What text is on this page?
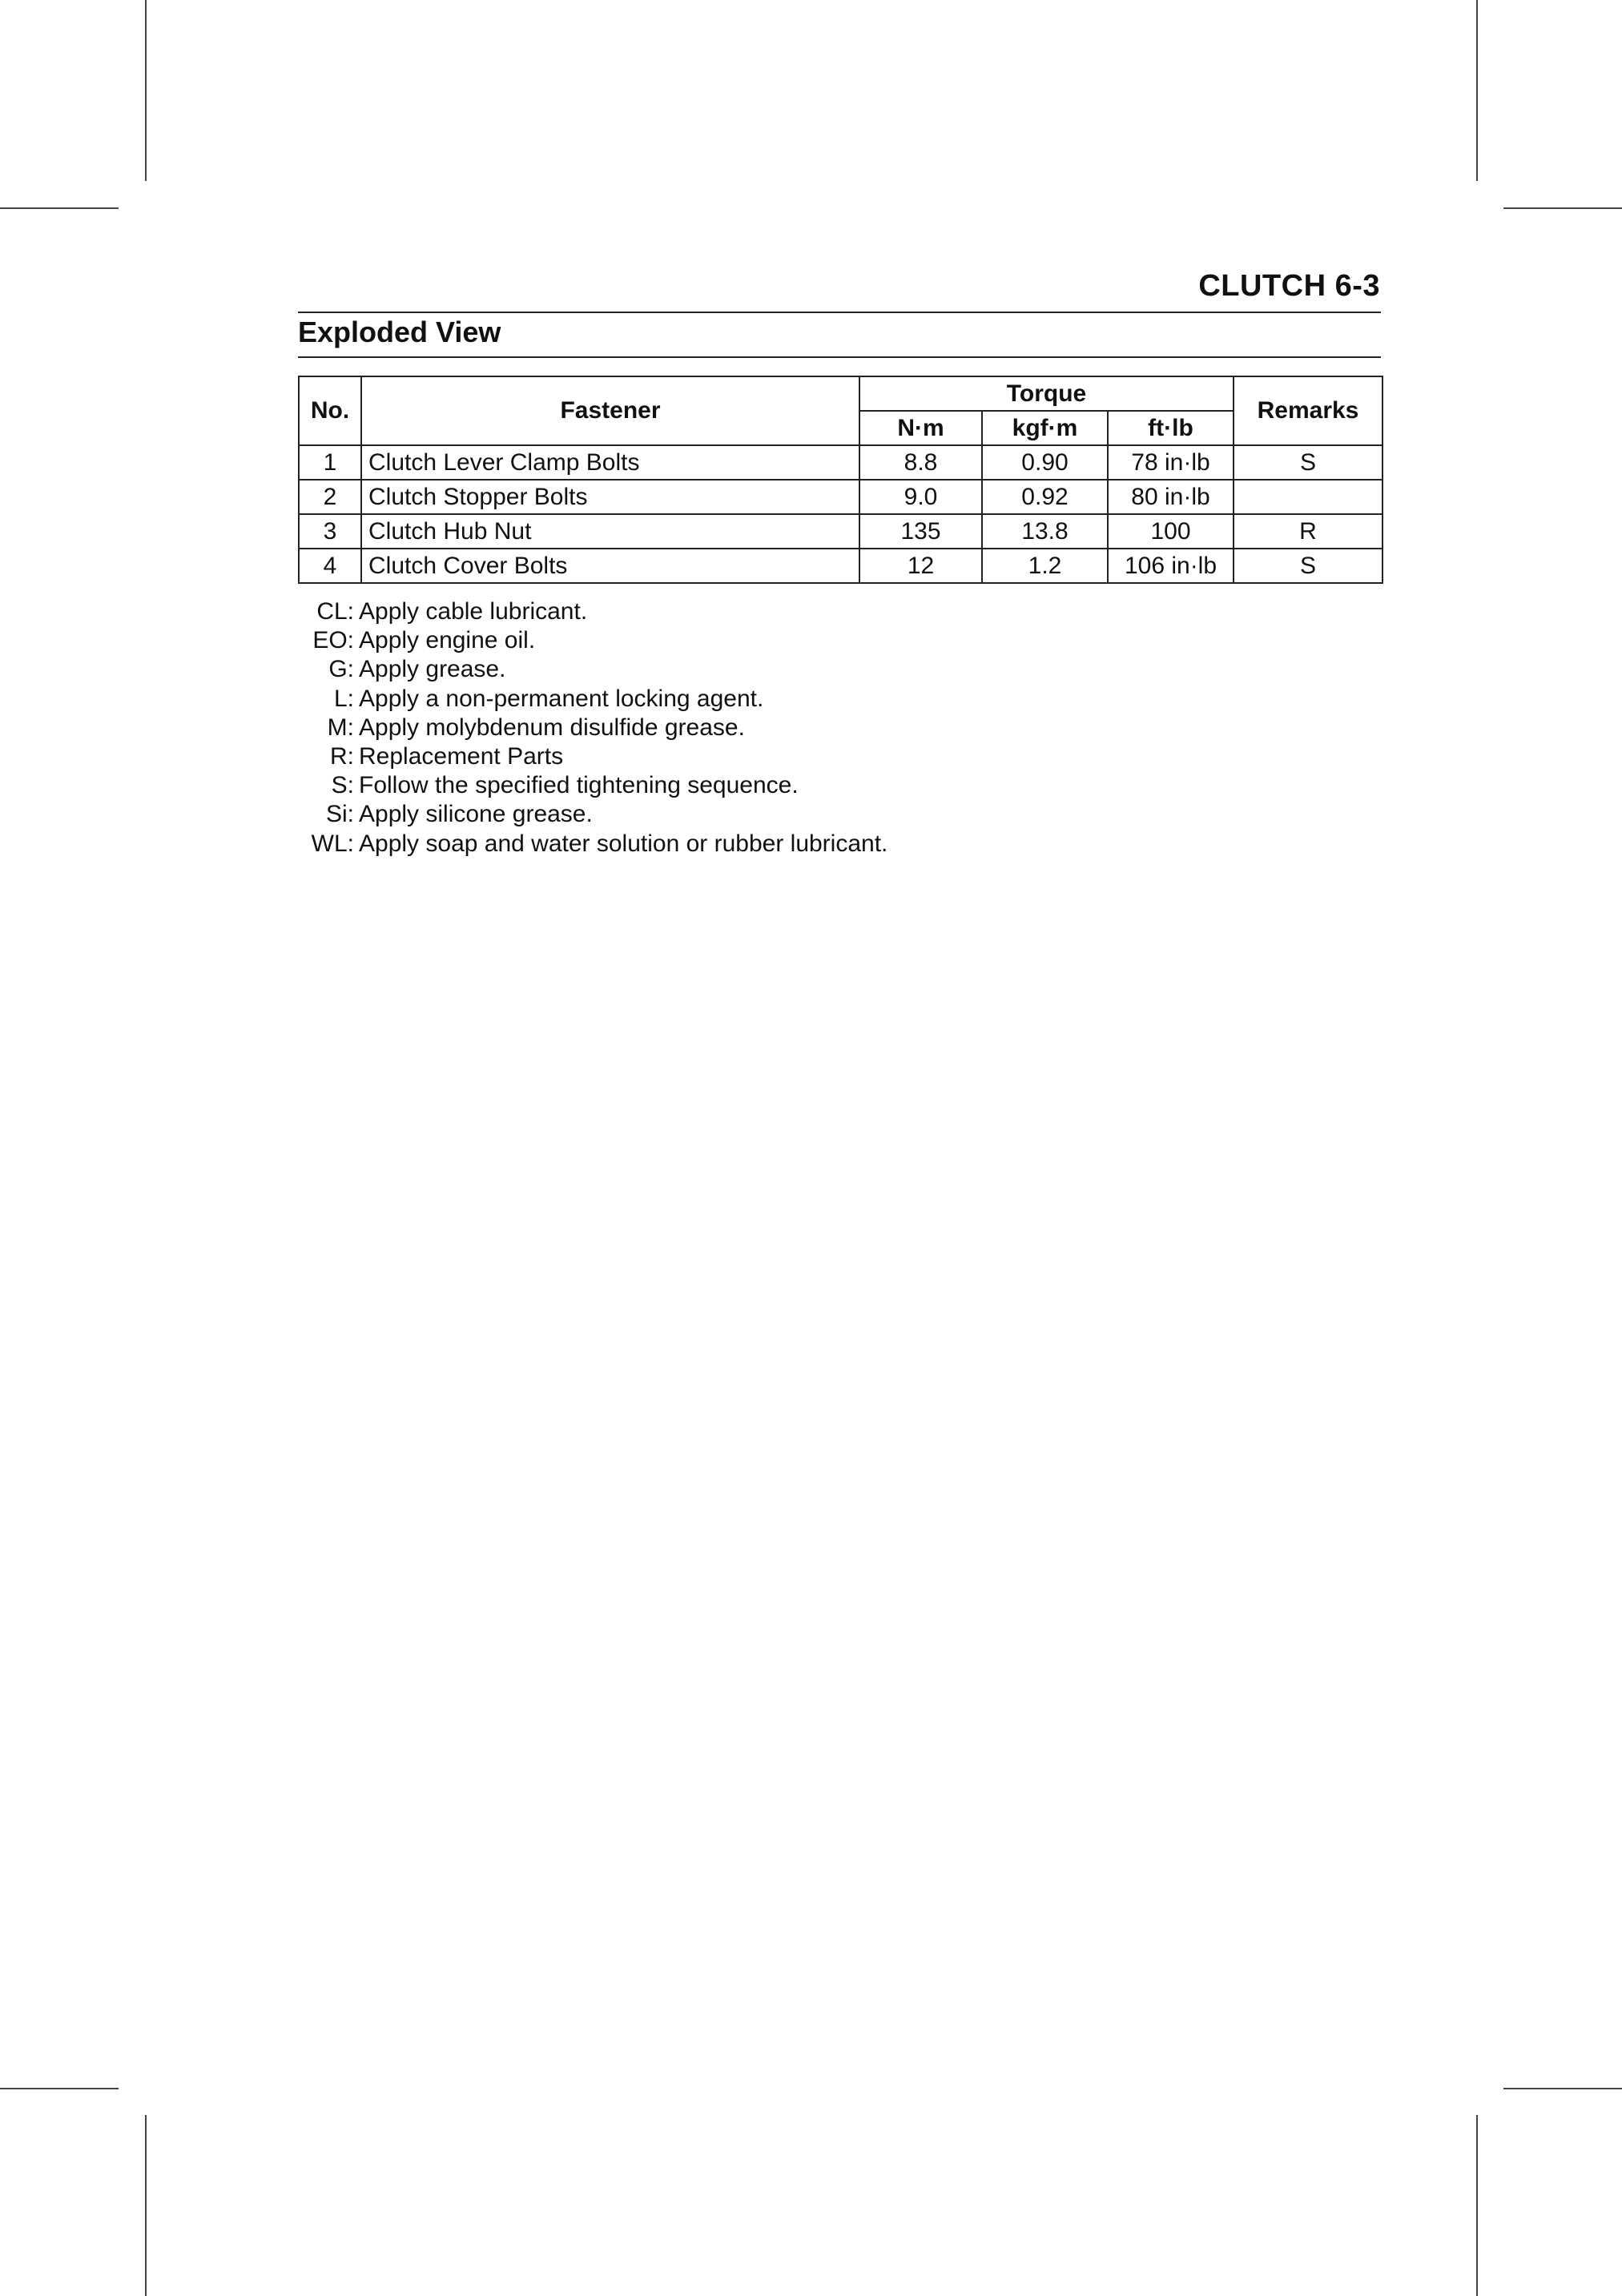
CLUTCH 6-3
Exploded View
No.	Fastener	Torque			Remarks
		N·m	kgf·m	ft·lb	
1	Clutch Lever Clamp Bolts	8.8	0.90	78 in·lb	S
2	Clutch Stopper Bolts	9.0	0.92	80 in·lb	
3	Clutch Hub Nut	135	13.8	100	R
4	Clutch Cover Bolts	12	1.2	106 in·lb	S
CL: Apply cable lubricant.
EO: Apply engine oil.
G: Apply grease.
L: Apply a non-permanent locking agent.
M: Apply molybdenum disulfide grease.
R: Replacement Parts
S: Follow the specified tightening sequence.
Si: Apply silicone grease.
WL: Apply soap and water solution or rubber lubricant.
